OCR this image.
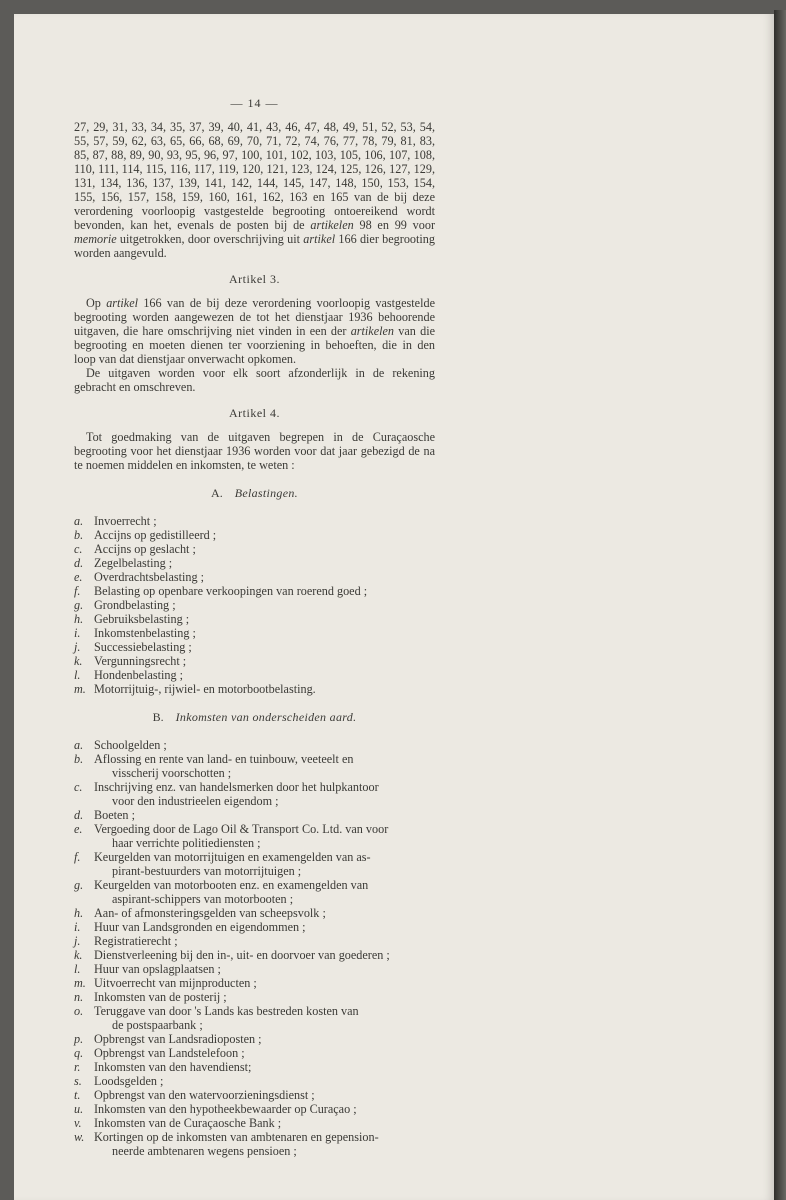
— 14 —

27, 29, 31, 33, 34, 35, 37, 39, 40, 41, 43, 46, 47, 48, 49, 51, 52, 53, 54, 55, 57, 59, 62, 63, 65, 66, 68, 69, 70, 71, 72, 74, 76, 77, 78, 79, 81, 83, 85, 87, 88, 89, 90, 93, 95, 96, 97, 100, 101, 102, 103, 105, 106, 107, 108, 110, 111, 114, 115, 116, 117, 119, 120, 121, 123, 124, 125, 126, 127, 129, 131, 134, 136, 137, 139, 141, 142, 144, 145, 147, 148, 150, 153, 154, 155, 156, 157, 158, 159, 160, 161, 162, 163 en 165 van de bij deze verordening voorloopig vastgestelde begrooting ontoereikend wordt bevonden, kan het, evenals de posten bij de artikelen 98 en 99 voor memorie uitgetrokken, door overschrijving uit artikel 166 dier begrooting worden aangevuld.

Artikel 3.

Op artikel 166 van de bij deze verordening voorloopig vastgestelde begrooting worden aangewezen de tot het dienstjaar 1936 behoorende uitgaven, die hare omschrijving niet vinden in een der artikelen van die begrooting en moeten dienen ter voorziening in behoeften, die in den loop van dat dienstjaar onverwacht opkomen.

De uitgaven worden voor elk soort afzonderlijk in de rekening gebracht en omschreven.

Artikel 4.

Tot goedmaking van de uitgaven begrepen in de Curaçaosche begrooting voor het dienstjaar 1936 worden voor dat jaar gebezigd de na te noemen middelen en inkomsten, te weten :

A. Belastingen.
a. Invoerrecht ;
b. Accijns op gedistilleerd ;
c. Accijns op geslacht ;
d. Zegelbelasting ;
e. Overdrachtsbelasting ;
f.	Belasting op openbare verkoopingen van roerend goed ;
g. Grondbelasting ;
h. Gebruiksbelasting ;
i.	Inkomstenbelasting ;
j.	Successiebelasting ;
k. Vergunningsrecht ;
l.	Hondenbelasting ;
m. Motorrijtuig-, rijwiel- en motorbootbelasting.
B. Inkomsten van onderscheiden aard.
a. Schoolgelden ;
b. Aflossing en rente van land- en tuinbouw, veeteelt en
visscherij voorschotten ;
c. Inschrijving enz. van handelsmerken door het hulpkantoor
voor den industrieelen eigendom ;
d. Boeten ;
e. Vergoeding door de Lago Oil & Transport Co. Ltd. van voor
haar verrichte politiediensten ;
f.	Keurgelden van motorrijtuigen en examengelden van as-
pirant-bestuurders van motorrijtuigen ;
g. Keurgelden van motorbooten enz. en examengelden van
aspirant-schippers van motorbooten ;
h. Aan- of afmonsteringsgelden van scheepsvolk ;
i.	Huur van Landsgronden en eigendommen ;
j.	Registratierecht ;
k. Dienstverleening bij den in-, uit- en doorvoer van goederen ;
l.	Huur van opslagplaatsen ;
m. Uitvoerrecht van mijnproducten ;
n. Inkomsten van de posterij ;
o. Teruggave van door 's Lands kas bestreden kosten van
de postspaarbank ;
p. Opbrengst van Landsradioposten ;
q. Opbrengst van Landstelefoon ;
r.	Inkomsten van den havendienst;
s.	Loodsgelden ;
t.	Opbrengst van den watervoorzieningsdienst ;
u. Inkomsten van den hypotheekbewaarder op Curaçao ;
v.	Inkomsten van de Curaçaosche Bank ;
w. Kortingen op de inkomsten van ambtenaren en gepension-
neerde ambtenaren wegens pensioen ;
